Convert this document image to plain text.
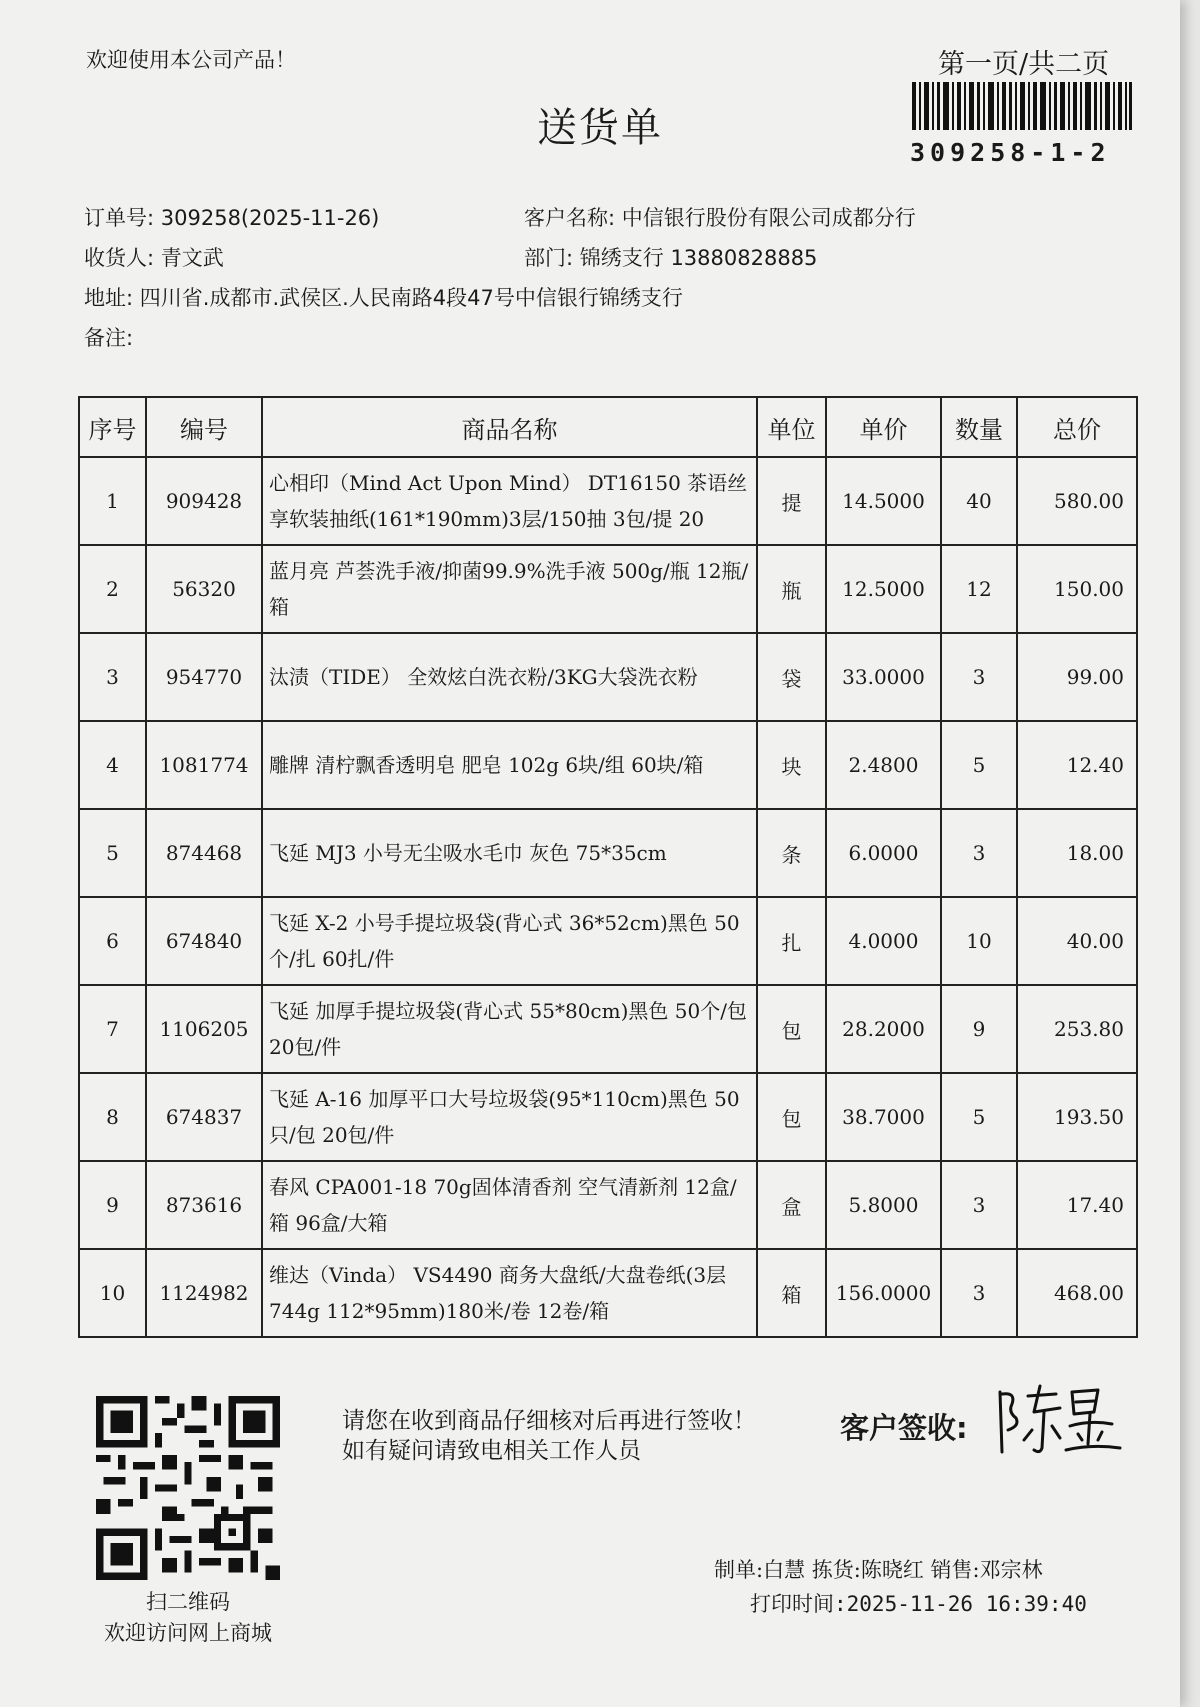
欢迎使用本公司产品！	第一页/共二页
309258-1-2
送货单
订单号: 309258(2025-11-26)	客户名称: 中信银行股份有限公司成都分行
收货人: 青文武	部门: 锦绣支行 13880828885
地址: 四川省.成都市.武侯区.人民南路4段47号中信银行锦绣支行
备注:
序号	编号	商品名称	单位	单价	数量	总价
1	909428	心相印（Mind Act Upon Mind） DT16150 茶语丝享软装抽纸(161*190mm)3层/150抽 3包/提 20	提	14.5000	40	580.00
2	56320	蓝月亮 芦荟洗手液/抑菌99.9%洗手液 500g/瓶 12瓶/箱	瓶	12.5000	12	150.00
3	954770	汰渍（TIDE） 全效炫白洗衣粉/3KG大袋洗衣粉	袋	33.0000	3	99.00
4	1081774	雕牌 清柠飘香透明皂 肥皂 102g 6块/组 60块/箱	块	2.4800	5	12.40
5	874468	飞延 MJ3 小号无尘吸水毛巾 灰色 75*35cm	条	6.0000	3	18.00
6	674840	飞延 X-2 小号手提垃圾袋(背心式 36*52cm)黑色 50个/扎 60扎/件	扎	4.0000	10	40.00
7	1106205	飞延 加厚手提垃圾袋(背心式 55*80cm)黑色 50个/包 20包/件	包	28.2000	9	253.80
8	674837	飞延 A-16 加厚平口大号垃圾袋(95*110cm)黑色 50只/包 20包/件	包	38.7000	5	193.50
9	873616	春风 CPA001-18 70g固体清香剂 空气清新剂 12盒/箱 96盒/大箱	盒	5.8000	3	17.40
10	1124982	维达（Vinda） VS4490 商务大盘纸/大盘卷纸(3层744g 112*95mm)180米/卷 12卷/箱	箱	156.0000	3	468.00
扫二维码
欢迎访问网上商城
请您在收到商品仔细核对后再进行签收！如有疑问请致电相关工作人员
客户签收:
制单:白慧 拣货:陈晓红 销售:邓宗林
打印时间:2025-11-26 16:39:40
